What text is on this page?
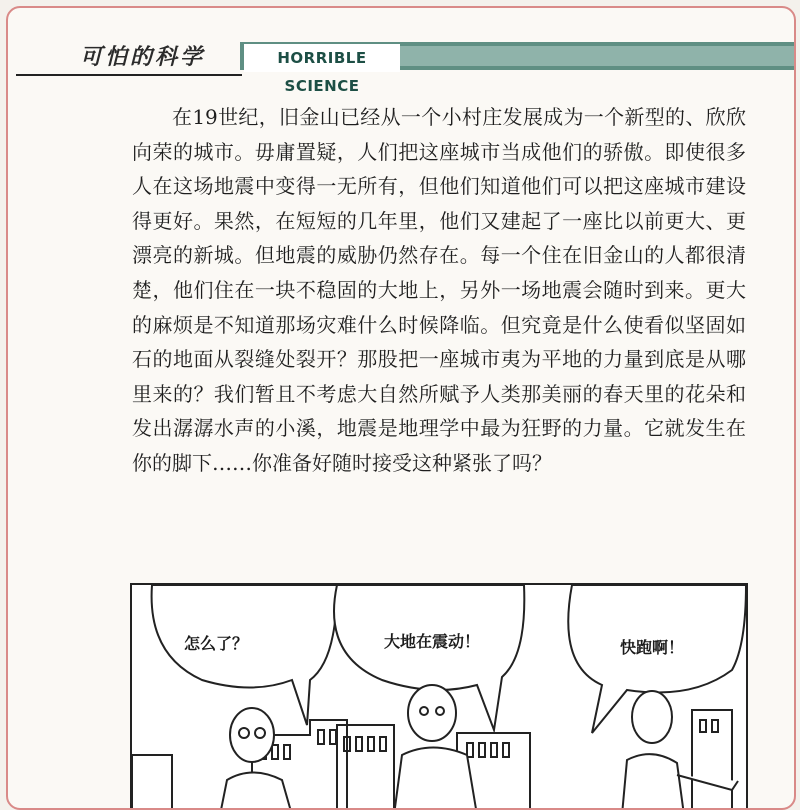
可怕的科学	HORRIBLE SCIENCE

在19世纪，旧金山已经从一个小村庄发展成为一个新型的、欣欣向荣的城市。毋庸置疑，人们把这座城市当成他们的骄傲。即使很多人在这场地震中变得一无所有，但他们知道他们可以把这座城市建设得更好。果然，在短短的几年里，他们又建起了一座比以前更大、更漂亮的新城。但地震的威胁仍然存在。每一个住在旧金山的人都很清楚，他们住在一块不稳固的大地上，另外一场地震会随时到来。更大的麻烦是不知道那场灾难什么时候降临。但究竟是什么使看似坚固如石的地面从裂缝处裂开？那股把一座城市夷为平地的力量到底是从哪里来的？我们暂且不考虑大自然所赋予人类那美丽的春天里的花朵和发出潺潺水声的小溪，地震是地理学中最为狂野的力量。它就发生在你的脚下……你准备好随时接受这种紧张了吗？

怎么了？	大地在震动！	快跑啊！
